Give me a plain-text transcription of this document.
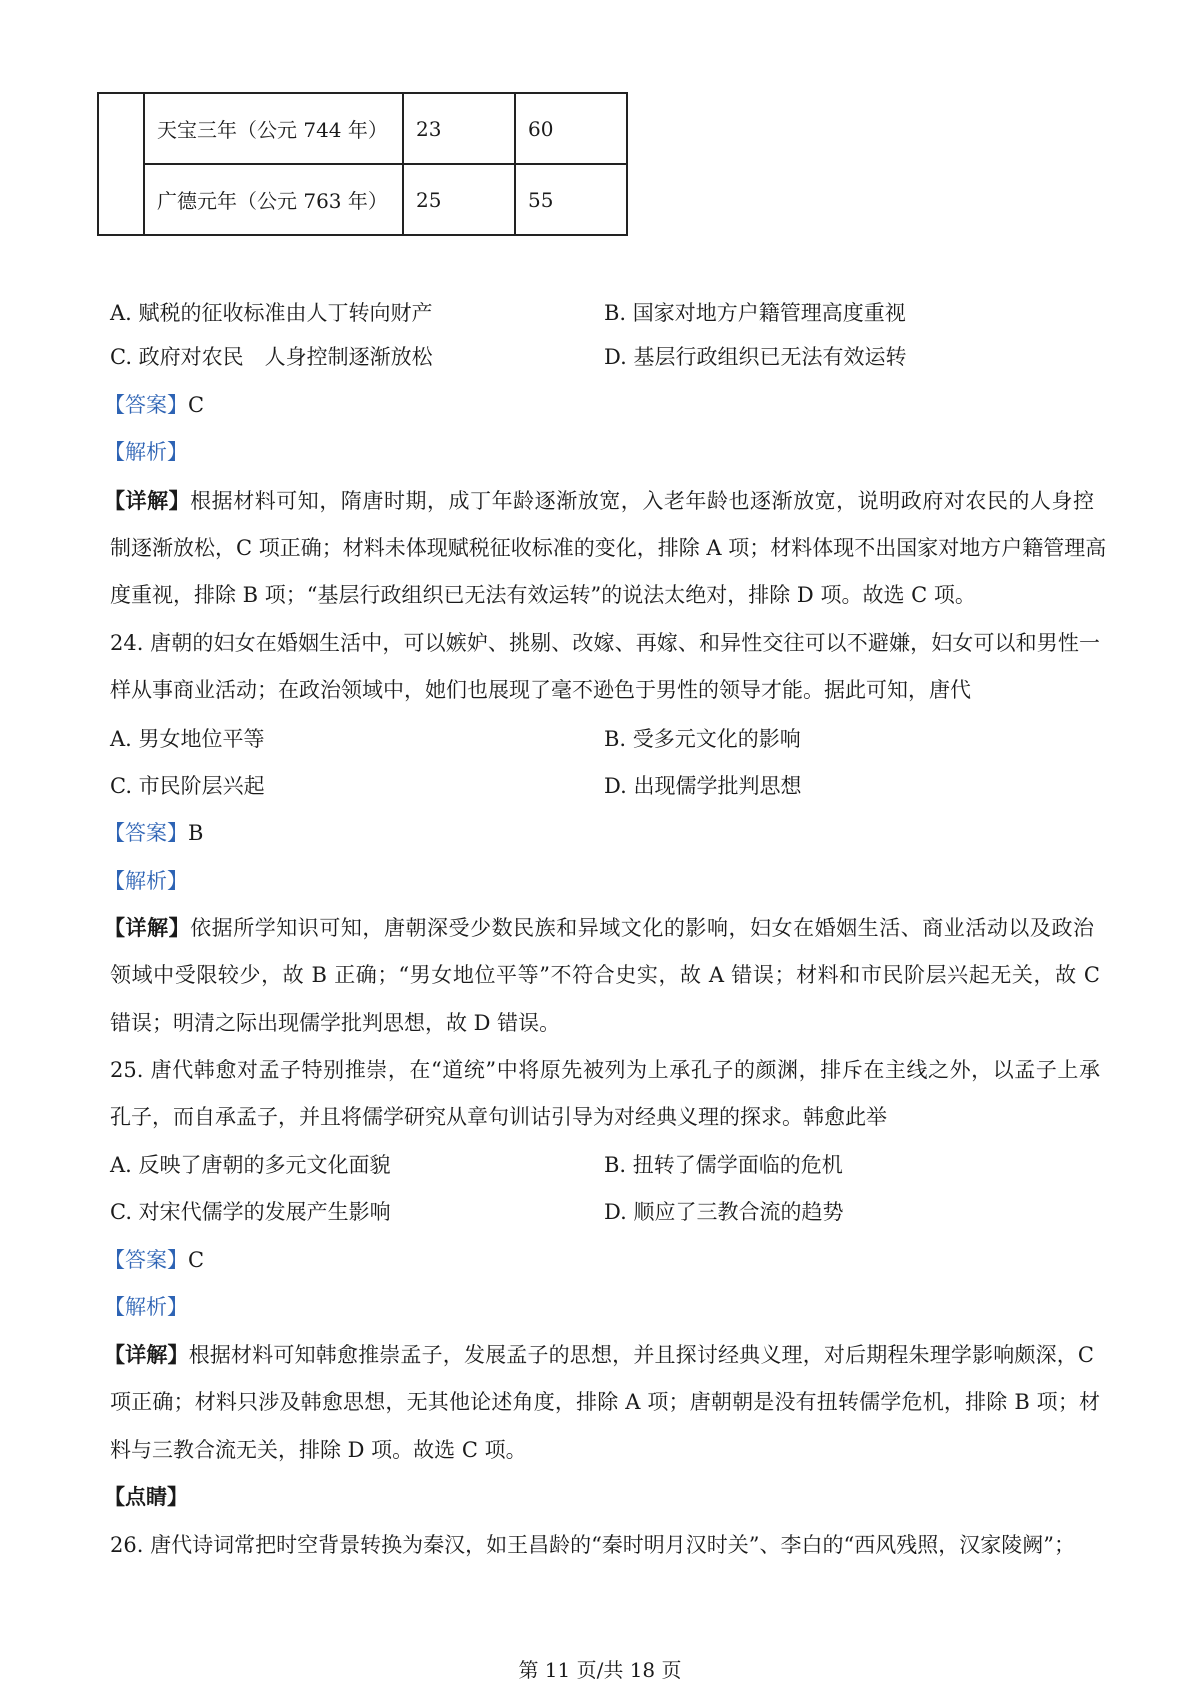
	天宝三年（公元 744 年）	23	60
	广德元年（公元 763 年）	25	55
A. 赋税的征收标准由人丁转向财产	B. 国家对地方户籍管理高度重视
C. 政府对农民　人身控制逐渐放松	D. 基层行政组织已无法有效运转
【答案】C
【解析】
【详解】根据材料可知，隋唐时期，成丁年龄逐渐放宽，入老年龄也逐渐放宽，说明政府对农民的人身控
制逐渐放松，C 项正确；材料未体现赋税征收标准的变化，排除 A 项；材料体现不出国家对地方户籍管理高
度重视，排除 B 项；“基层行政组织已无法有效运转”的说法太绝对，排除 D 项。故选 C 项。
24. 唐朝的妇女在婚姻生活中，可以嫉妒、挑剔、改嫁、再嫁、和异性交往可以不避嫌，妇女可以和男性一
样从事商业活动；在政治领域中，她们也展现了毫不逊色于男性的领导才能。据此可知，唐代
A. 男女地位平等	B. 受多元文化的影响
C. 市民阶层兴起	D. 出现儒学批判思想
【答案】B
【解析】
【详解】依据所学知识可知，唐朝深受少数民族和异域文化的影响，妇女在婚姻生活、商业活动以及政治
领域中受限较少，故 B 正确；“男女地位平等”不符合史实，故 A 错误；材料和市民阶层兴起无关，故 C
错误；明清之际出现儒学批判思想，故 D 错误。
25. 唐代韩愈对孟子特别推崇，在“道统”中将原先被列为上承孔子的颜渊，排斥在主线之外，以孟子上承
孔子，而自承孟子，并且将儒学研究从章句训诂引导为对经典义理的探求。韩愈此举
A. 反映了唐朝的多元文化面貌	B. 扭转了儒学面临的危机
C. 对宋代儒学的发展产生影响	D. 顺应了三教合流的趋势
【答案】C
【解析】
【详解】根据材料可知韩愈推崇孟子，发展孟子的思想，并且探讨经典义理，对后期程朱理学影响颇深，C
项正确；材料只涉及韩愈思想，无其他论述角度，排除 A 项；唐朝朝是没有扭转儒学危机，排除 B 项；材
料与三教合流无关，排除 D 项。故选 C 项。
【点睛】
26. 唐代诗词常把时空背景转换为秦汉，如王昌龄的“秦时明月汉时关”、李白的“西风残照，汉家陵阙”；
第 11 页/共 18 页
